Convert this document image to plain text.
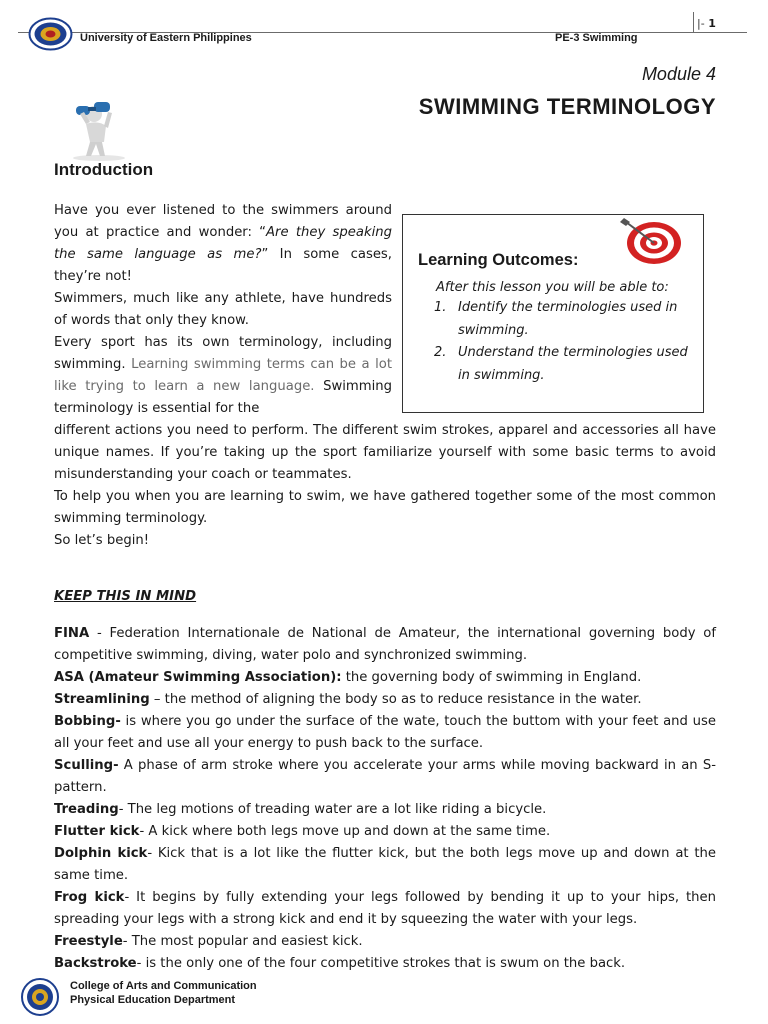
|- 1
University of Eastern Philippines	PE-3 Swimming
Module 4
SWIMMING TERMINOLOGY
Introduction

Have you ever listened to the swimmers around you at practice and wonder: “Are they speaking the same language as me?” In some cases, they’re not!

Swimmers, much like any athlete, have hundreds of words that only they know.

Every sport has its own terminology, including swimming. Learning swimming terms can be a lot like trying to learn a new language. Swimming terminology is essential for the

Learning Outcomes:
After this lesson you will be able to:
1. Identify the terminologies used in swimming.
2. Understand the terminologies used in swimming.

different actions you need to perform. The different swim strokes, apparel and accessories all have unique names. If you’re taking up the sport familiarize yourself with some basic terms to avoid misunderstanding your coach or teammates.

To help you when you are learning to swim, we have gathered together some of the most common swimming terminology.

So let’s begin!

KEEP THIS IN MIND

FINA - Federation Internationale de National de Amateur, the international governing body of competitive swimming, diving, water polo and synchronized swimming.

ASA (Amateur Swimming Association): the governing body of swimming in England.

Streamlining – the method of aligning the body so as to reduce resistance in the water.

Bobbing- is where you go under the surface of the wate, touch the buttom with your feet and use all your feet and use all your energy to push back to the surface.

Sculling- A phase of arm stroke where you accelerate your arms while moving backward in an S-pattern.

Treading- The leg motions of treading water are a lot like riding a bicycle.

Flutter kick- A kick where both legs move up and down at the same time.

Dolphin kick- Kick that is a lot like the flutter kick, but the both legs move up and down at the same time.

Frog kick- It begins by fully extending your legs followed by bending it up to your hips, then spreading your legs with a strong kick and end it by squeezing the water with your legs.

Freestyle- The most popular and easiest kick.

Backstroke- is the only one of the four competitive strokes that is swum on the back.

College of Arts and Communication
Physical Education Department
